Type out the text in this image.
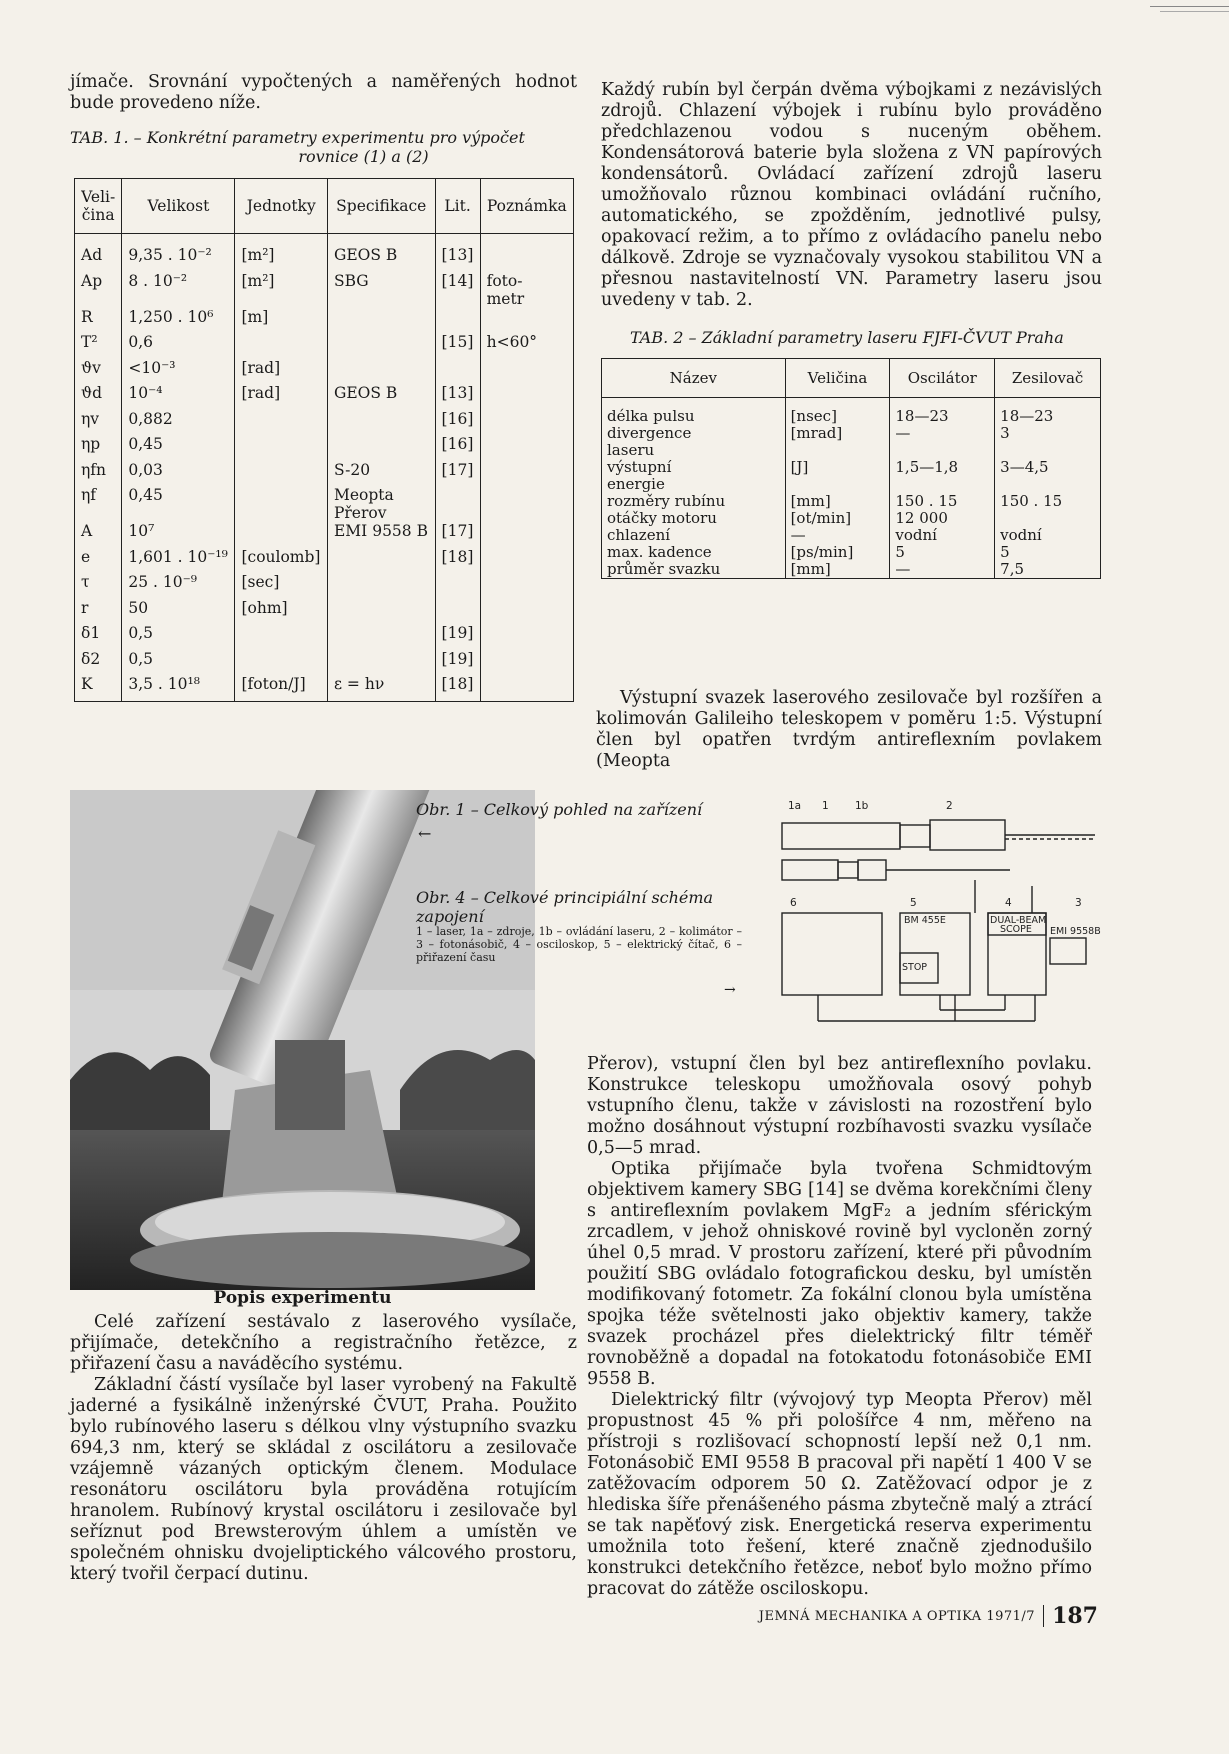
jímače. Srovnání vypočtených a naměřených hodnot bude provedeno níže.
TAB. 1. – Konkrétní parametry experimentu pro výpočet
rovnice (1) a (2)
Veli-
čina	Velikost	Jednotky	Specifikace	Lit.	Poznámka
Ad	9,35 . 10⁻²	[m²]	GEOS B	[13]	
Ap	8 . 10⁻²	[m²]	SBG	[14]	foto-
metr
R	1,250 . 10⁶	[m]			
T²	0,6			[15]	h<60°
ϑv	<10⁻³	[rad]			
ϑd	10⁻⁴	[rad]	GEOS B	[13]	
ηv	0,882			[16]	
ηp	0,45			[16]	
ηfn	0,03		S-20	[17]	
ηf	0,45		Meopta
Přerov		
A	10⁷		EMI 9558 B	[17]	
e	1,601 . 10⁻¹⁹	[coulomb]		[18]	
τ	25 . 10⁻⁹	[sec]			
r	50	[ohm]			
δ1	0,5			[19]	
δ2	0,5			[19]	
K	3,5 . 10¹⁸	[foton/J]	ε = hν	[18]	
Každý rubín byl čerpán dvěma výbojkami z nezávislých zdrojů. Chlazení výbojek i rubínu bylo prováděno předchlazenou vodou s nuceným oběhem. Kondensátorová baterie byla složena z VN papírových kondensátorů. Ovládací zařízení zdrojů laseru umožňovalo různou kombinaci ovládání ručního, automatického, se zpožděním, jednotlivé pulsy, opakovací režim, a to přímo z ovládacího panelu nebo dálkově. Zdroje se vyznačovaly vysokou stabilitou VN a přesnou nastavitelností VN. Parametry laseru jsou uvedeny v tab. 2.
TAB. 2 – Základní parametry laseru FJFI-ČVUT Praha
Název	Veličina	Oscilátor	Zesilovač
délka pulsu	[nsec]	18—23	18—23
divergence
laseru	[mrad]	—	3
výstupní
energie	[J]	1,5—1,8	3—4,5
rozměry rubínu	[mm]	150 . 15	150 . 15
otáčky motoru	[ot/min]	12 000	
chlazení	—	vodní	vodní
max. kadence	[ps/min]	5	5
průměr svazku	[mm]	—	7,5
Výstupní svazek laserového zesilovače byl rozšířen a kolimován Galileiho teleskopem v poměru 1:5. Výstupní člen byl opatřen tvrdým antireflexním povlakem (Meopta
Obr. 1 – Celkový pohled na zařízení
←
Obr. 4 – Celkové principiální schéma zapojení
1 – laser, 1a – zdroje, 1b – ovládání laseru, 2 – kolimátor – 3 – fotonásobič, 4 – osciloskop, 5 – elektrický čítač, 6 – přiřazení času
→
1a 1	1b	2
6	5	4	3
BM 455E	DUAL-BEAM
SCOPE EMI 9558B
STOP
Popis experimentu
Celé zařízení sestávalo z laserového vysílače, přijímače, detekčního a registračního řetězce, z přiřazení času a naváděcího systému.
Základní částí vysílače byl laser vyrobený na Fakultě jaderné a fysikálně inženýrské ČVUT, Praha. Použito bylo rubínového laseru s délkou vlny výstupního svazku 694,3 nm, který se skládal z oscilátoru a zesilovače vzájemně vázaných optickým členem. Modulace resonátoru oscilátoru byla prováděna rotujícím hranolem. Rubínový krystal oscilátoru i zesilovače byl seříznut pod Brewsterovým úhlem a umístěn ve společném ohnisku dvojeliptického válcového prostoru, který tvořil čerpací dutinu.
Přerov), vstupní člen byl bez antireflexního povlaku. Konstrukce teleskopu umožňovala osový pohyb vstupního členu, takže v závislosti na rozostření bylo možno dosáhnout výstupní rozbíhavosti svazku vysílače 0,5—5 mrad.
Optika přijímače byla tvořena Schmidtovým objektivem kamery SBG [14] se dvěma korekčními členy s antireflexním povlakem MgF₂ a jedním sférickým zrcadlem, v jehož ohniskové rovině byl vycloněn zorný úhel 0,5 mrad. V prostoru zařízení, které při původním použití SBG ovládalo fotografickou desku, byl umístěn modifikovaný fotometr. Za fokální clonou byla umístěna spojka téže světelnosti jako objektiv kamery, takže svazek procházel přes dielektrický filtr téměř rovnoběžně a dopadal na fotokatodu fotonásobiče EMI 9558 B.
Dielektrický filtr (vývojový typ Meopta Přerov) měl propustnost 45 % při pološířce 4 nm, měřeno na přístroji s rozlišovací schopností lepší než 0,1 nm. Fotonásobič EMI 9558 B pracoval při napětí 1 400 V se zatěžovacím odporem 50 Ω. Zatěžovací odpor je z hlediska šíře přenášeného pásma zbytečně malý a ztrácí se tak napěťový zisk. Energetická reserva experimentu umožnila toto řešení, které značně zjednodušilo konstrukci detekčního řetězce, neboť bylo možno přímo pracovat do zátěže osciloskopu.
JEMNÁ MECHANIKA A OPTIKA 1971/7 187
